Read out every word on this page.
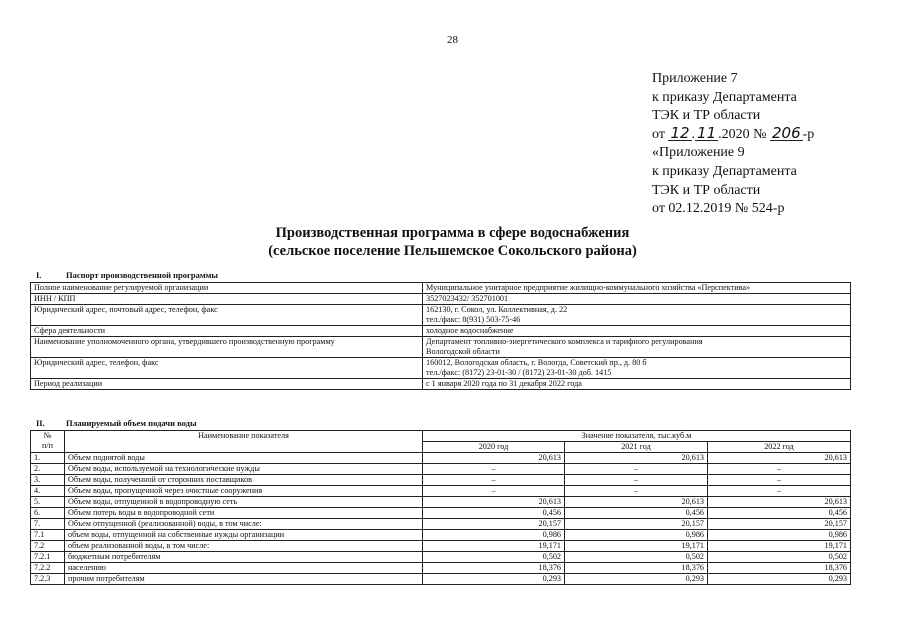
28
Приложение 7
к приказу Департамента
ТЭК и ТР области
от 12 . 11 .2020 № 206 -р
«Приложение 9
к приказу Департамента
ТЭК и ТР области
от 02.12.2019 № 524-р
Производственная программа в сфере водоснабжения
(сельское поселение Пельшемское Сокольского района)
I.	Паспорт производственной программы
Полное наименование регулируемой организации	Муниципальное унитарное предприятие жилищно-коммунального хозяйства «Перспектива»

ИНН / КПП	3527023432/ 352701001

Юридический адрес, почтовый адрес, телефон, факс	162130, г. Сокол, ул. Коллективная, д. 22
тел./факс: 8(931) 503-75-46

Сфера деятельности	холодное водоснабжение

Наименование уполномоченного органа, утвердившего производственную программу	Департамент топливно-энергетического комплекса и тарифного регулирования
Вологодской области

Юридический адрес, телефон, факс	160012, Вологодская область, г. Вологда, Советский пр., д. 80 б
тел./факс: (8172) 23-01-30 / (8172) 23-01-30 доб. 1415

Период реализации	с 1 января 2020 года по 31 декабря 2022 года
II.	Планируемый объем подачи воды
№
п/п	Наименование показателя	Значение показателя, тыс.куб.м		
		2020 год	2021 год	2022 год
1.	Объем поднятой воды	20,613	20,613	20,613
2.	Объем воды, используемой на технологические нужды	–	–	–
3.	Объем воды, полученной от сторонних поставщиков	–	–	–
4.	Объем воды, пропущенной через очистные сооружения	–	–	–
5.	Объем воды, отпущенной в водопроводную сеть	20,613	20,613	20,613
6.	Объем потерь воды в водопроводной сети	0,456	0,456	0,456
7.	Объем отпущенной (реализованной) воды, в том числе:	20,157	20,157	20,157
7.1	объем воды, отпущенной на собственные нужды организации	0,986	0,986	0,986
7.2	объем реализованной воды, в том числе:	19,171	19,171	19,171
7.2.1	бюджетным потребителям	0,502	0,502	0,502
7.2.2	населению	18,376	18,376	18,376
7.2.3	прочим потребителям	0,293	0,293	0,293
